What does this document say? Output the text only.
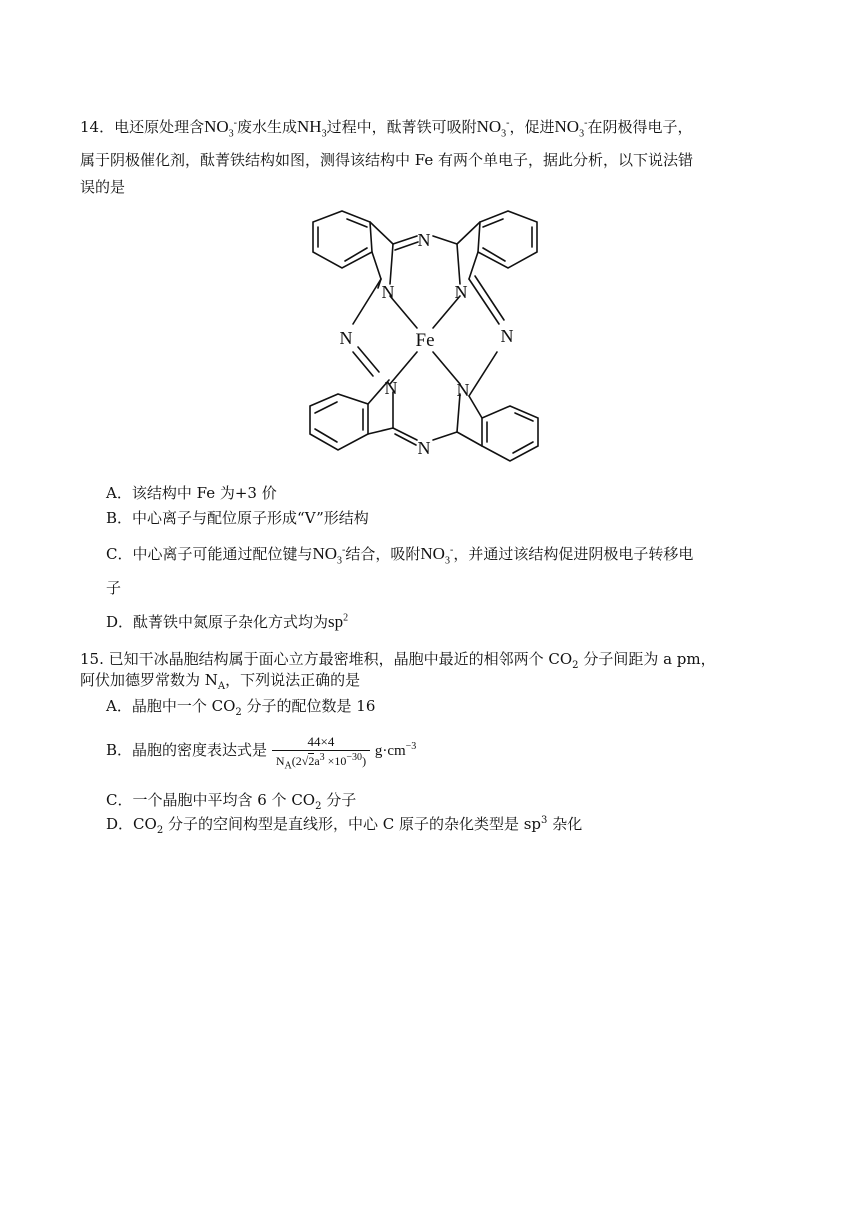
14．电还原处理含$NO_3^-$废水生成$NH_3$过程中，酞菁铁可吸附$NO_3^-$，促进$NO_3^-$在阴极得电子，
属于阴极催化剂，酞菁铁结构如图，测得该结构中 Fe 有两个单电子，据此分析，以下说法错
误的是
Fe
N
N	N
N	N
N	N
N
A．该结构中 Fe 为+3 价
B．中心离子与配位原子形成“V”形结构
C．中心离子可能通过配位键与$NO_3^-$结合，吸附$NO_3^-$，并通过该结构促进阴极电子转移电
子
D．酞菁铁中氮原子杂化方式均为$sp^2$
15. 已知干冰晶胞结构属于面心立方最密堆积，晶胞中最近的相邻两个 $CO_2$ 分子间距为 a pm，
阿伏加德罗常数为 $N_A$，下列说法正确的是
A．晶胞中一个 $CO_2$ 分子的配位数是 16
B．晶胞的密度表达式是 $\frac{44\times 4}{N_A(2√2a^3 \times 10^{-30})} g\cdot cm^{-3}$
C．一个晶胞中平均含 6 个 $CO_2$ 分子
D．$CO_2$ 分子的空间构型是直线形，中心 C 原子的杂化类型是 $sp^3$ 杂化
